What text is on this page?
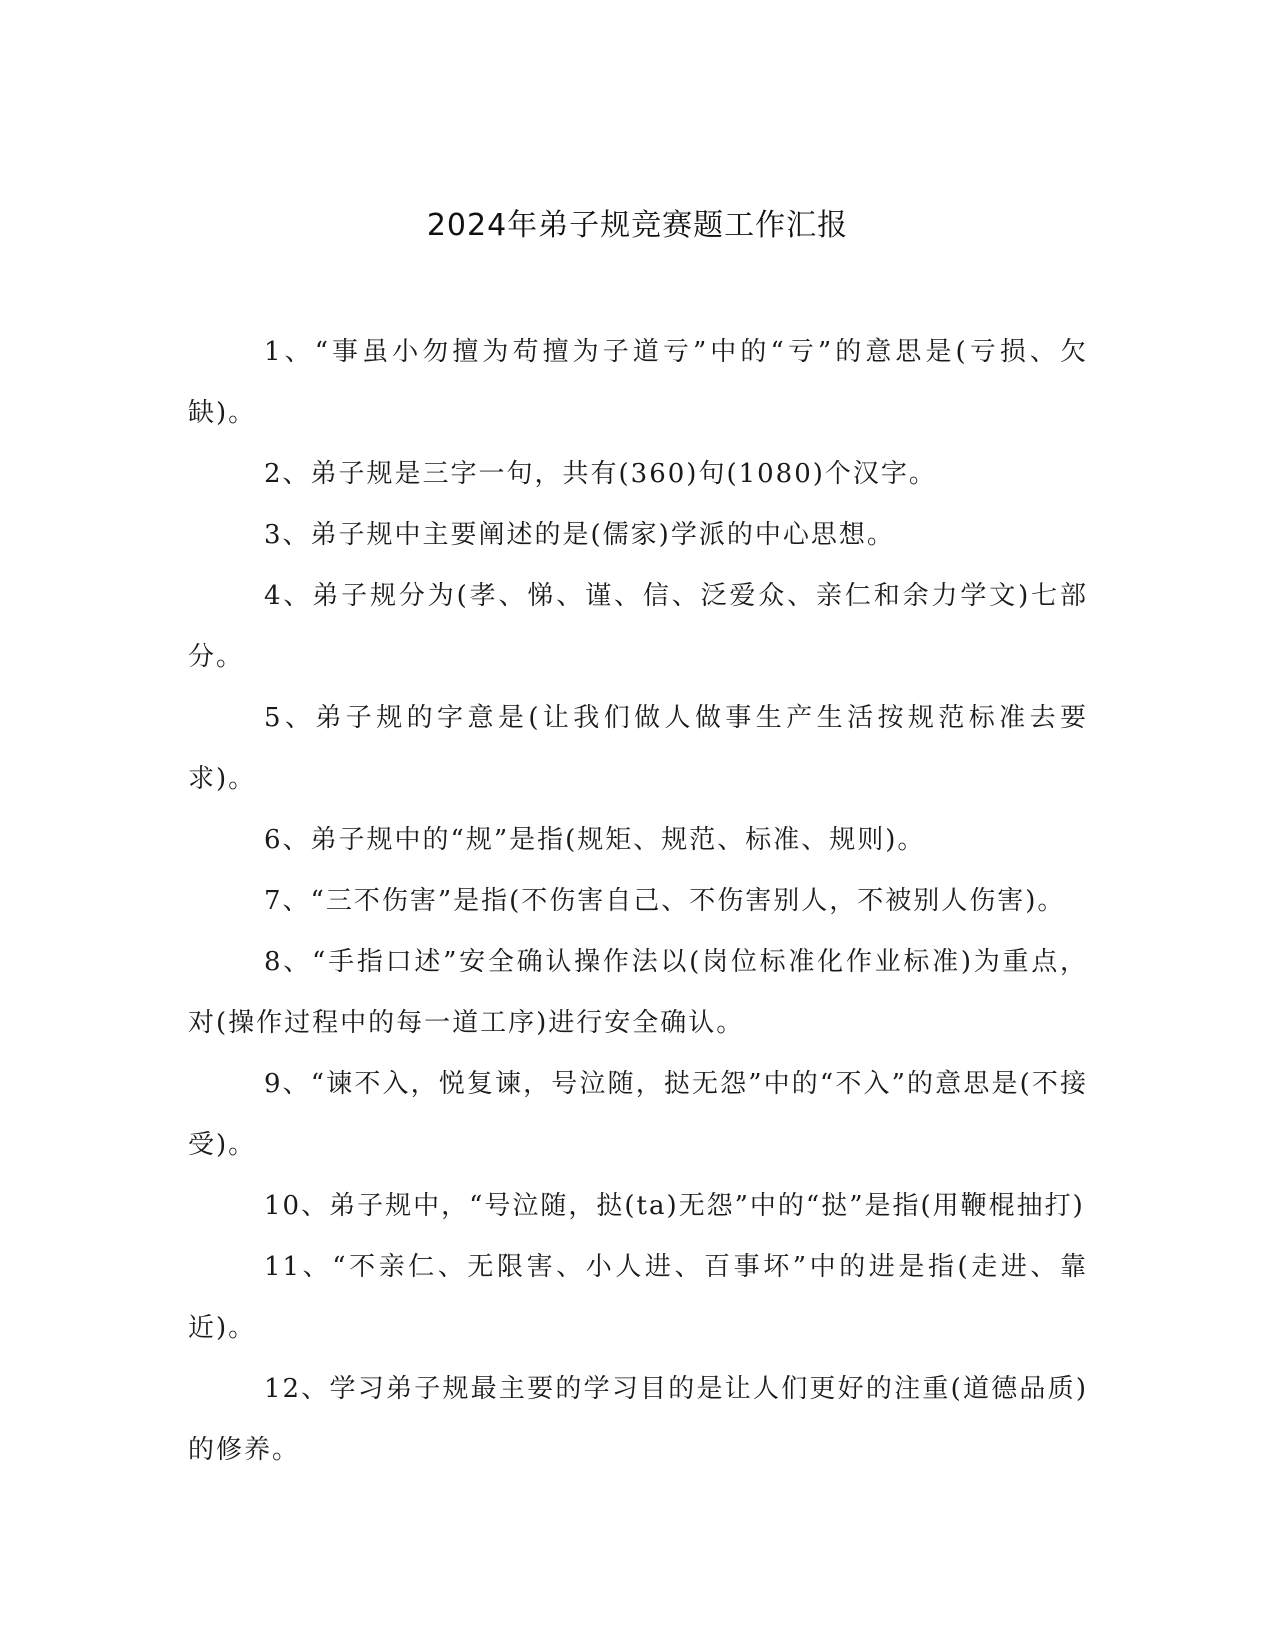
2024年弟子规竞赛题工作汇报

1、“事虽小勿擅为苟擅为子道亏”中的“亏”的意思是(亏损、欠缺)。

2、弟子规是三字一句，共有(360)句(1080)个汉字。

3、弟子规中主要阐述的是(儒家)学派的中心思想。

4、弟子规分为(孝、悌、谨、信、泛爱众、亲仁和余力学文)七部分。

5、弟子规的字意是(让我们做人做事生产生活按规范标准去要求)。

6、弟子规中的“规”是指(规矩、规范、标准、规则)。

7、“三不伤害”是指(不伤害自己、不伤害别人，不被别人伤害)。

8、“手指口述”安全确认操作法以(岗位标准化作业标准)为重点，对(操作过程中的每一道工序)进行安全确认。

9、“谏不入，悦复谏，号泣随，挞无怨”中的“不入”的意思是(不接受)。

10、弟子规中，“号泣随，挞(ta)无怨”中的“挞”是指(用鞭棍抽打)

11、“不亲仁、无限害、小人进、百事坏”中的进是指(走进、靠近)。

12、学习弟子规最主要的学习目的是让人们更好的注重(道德品质)的修养。
